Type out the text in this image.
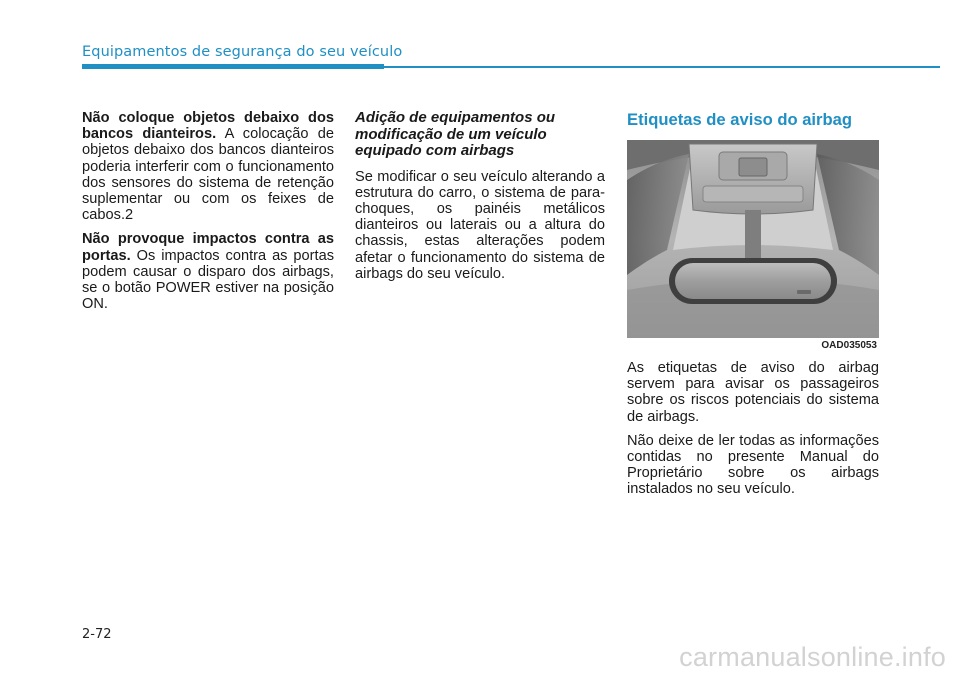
Equipamentos de segurança do seu veículo

Não coloque objetos debaixo dos bancos dianteiros. A colocação de objetos debaixo dos bancos dianteiros poderia interferir com o funcionamento dos sensores do sistema de retenção suplementar ou com os feixes de cabos.2

Não provoque impactos contra as portas. Os impactos contra as portas podem causar o disparo dos airbags, se o botão POWER estiver na posição ON.

Adição de equipamentos ou modificação de um veículo equipado com airbags

Se modificar o seu veículo alterando a estrutura do carro, o sistema de para-choques, os painéis metálicos dianteiros ou laterais ou a altura do chassis, estas alterações podem afetar o funcionamento do sistema de airbags do seu veículo.

Etiquetas de aviso do airbag
OAD035053

As etiquetas de aviso do airbag servem para avisar os passageiros sobre os riscos potenciais do sistema de airbags.

Não deixe de ler todas as informações contidas no presente Manual do Proprietário sobre os airbags instalados no seu veículo.

2-72
carmanualsonline.info
